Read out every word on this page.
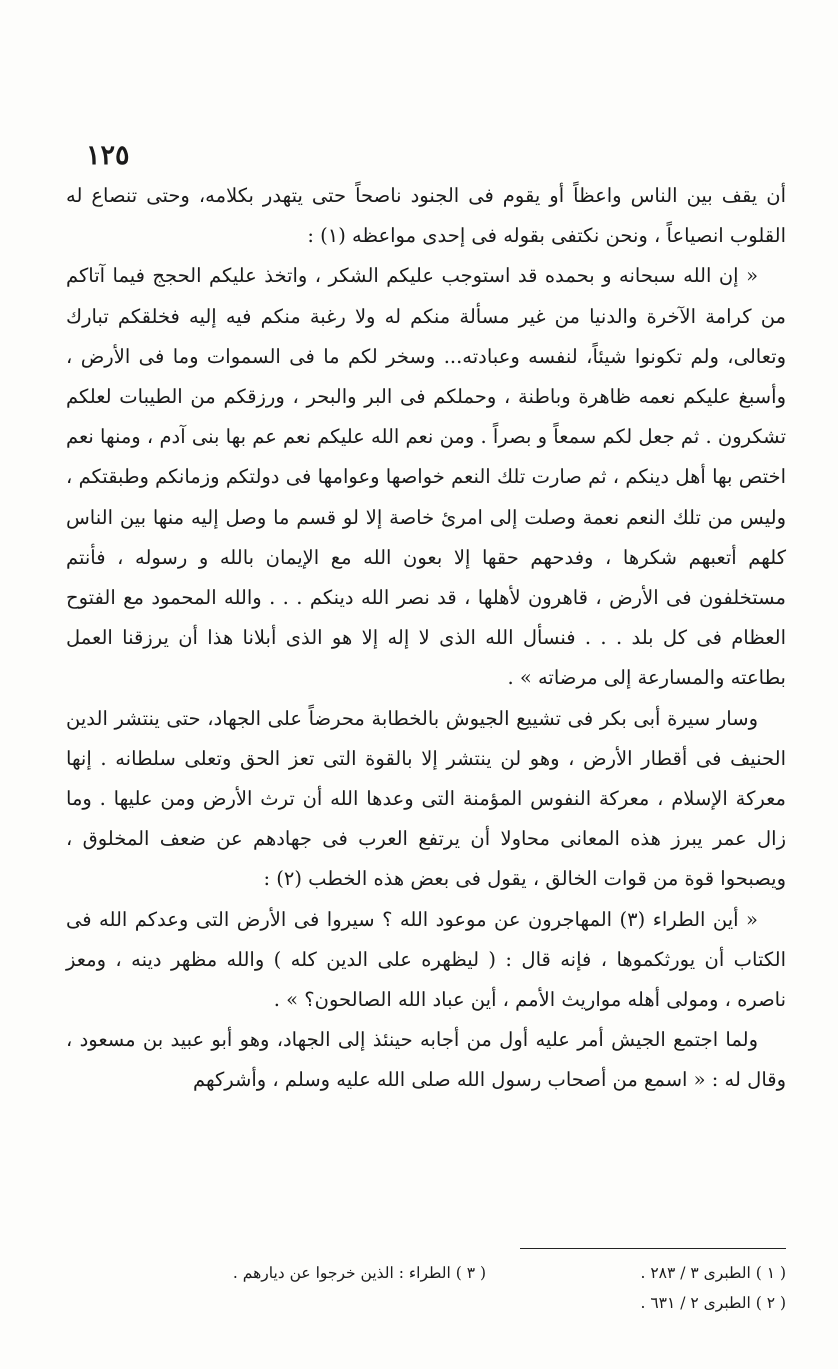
١٢٥

أن يقف بين الناس واعظاً أو يقوم فى الجنود ناصحاً حتى يتهدر بكلامه، وحتى تنصاع له القلوب انصياعاً ، ونحن نكتفى بقوله فى إحدى مواعظه (١) :

« إن الله سبحانه و بحمده قد استوجب عليكم الشكر ، واتخذ عليكم الحجج فيما آتاكم من كرامة الآخرة والدنيا من غير مسألة منكم له ولا رغبة منكم فيه إليه فخلقكم تبارك وتعالى، ولم تكونوا شيئاً، لنفسه وعبادته... وسخر لكم ما فى السموات وما فى الأرض ، وأسبغ عليكم نعمه ظاهرة وباطنة ، وحملكم فى البر والبحر ، ورزقكم من الطيبات لعلكم تشكرون . ثم جعل لكم سمعاً و بصراً . ومن نعم الله عليكم نعم عم بها بنى آدم ، ومنها نعم اختص بها أهل دينكم ، ثم صارت تلك النعم خواصها وعوامها فى دولتكم وزمانكم وطبقتكم ، وليس من تلك النعم نعمة وصلت إلى امرئ خاصة إلا لو قسم ما وصل إليه منها بين الناس كلهم أتعبهم شكرها ، وفدحهم حقها إلا بعون الله مع الإيمان بالله و رسوله ، فأنتم مستخلفون فى الأرض ، قاهرون لأهلها ، قد نصر الله دينكم . . . والله المحمود مع الفتوح العظام فى كل بلد . . . فنسأل الله الذى لا إله إلا هو الذى أبلانا هذا أن يرزقنا العمل بطاعته والمسارعة إلى مرضاته » .

وسار سيرة أبى بكر فى تشييع الجيوش بالخطابة محرضاً على الجهاد، حتى ينتشر الدين الحنيف فى أقطار الأرض ، وهو لن ينتشر إلا بالقوة التى تعز الحق وتعلى سلطانه . إنها معركة الإسلام ، معركة النفوس المؤمنة التى وعدها الله أن ترث الأرض ومن عليها . وما زال عمر يبرز هذه المعانى محاولا أن يرتفع العرب فى جهادهم عن ضعف المخلوق ، ويصبحوا قوة من قوات الخالق ، يقول فى بعض هذه الخطب (٢) :

« أين الطراء (٣) المهاجرون عن موعود الله ؟ سيروا فى الأرض التى وعدكم الله فى الكتاب أن يورثكموها ، فإنه قال : ( ليظهره على الدين كله ) والله مظهر دينه ، ومعز ناصره ، ومولى أهله مواريث الأمم ، أين عباد الله الصالحون؟ » .

ولما اجتمع الجيش أمر عليه أول من أجابه حينئذ إلى الجهاد، وهو أبو عبيد بن مسعود ، وقال له : « اسمع من أصحاب رسول الله صلى الله عليه وسلم ، وأشركهم

( ١ ) الطبرى ٣ / ٢٨٣ .
( ٣ ) الطراء : الذين خرجوا عن ديارهم .
( ٢ ) الطبرى ٢ / ٦٣١ .
